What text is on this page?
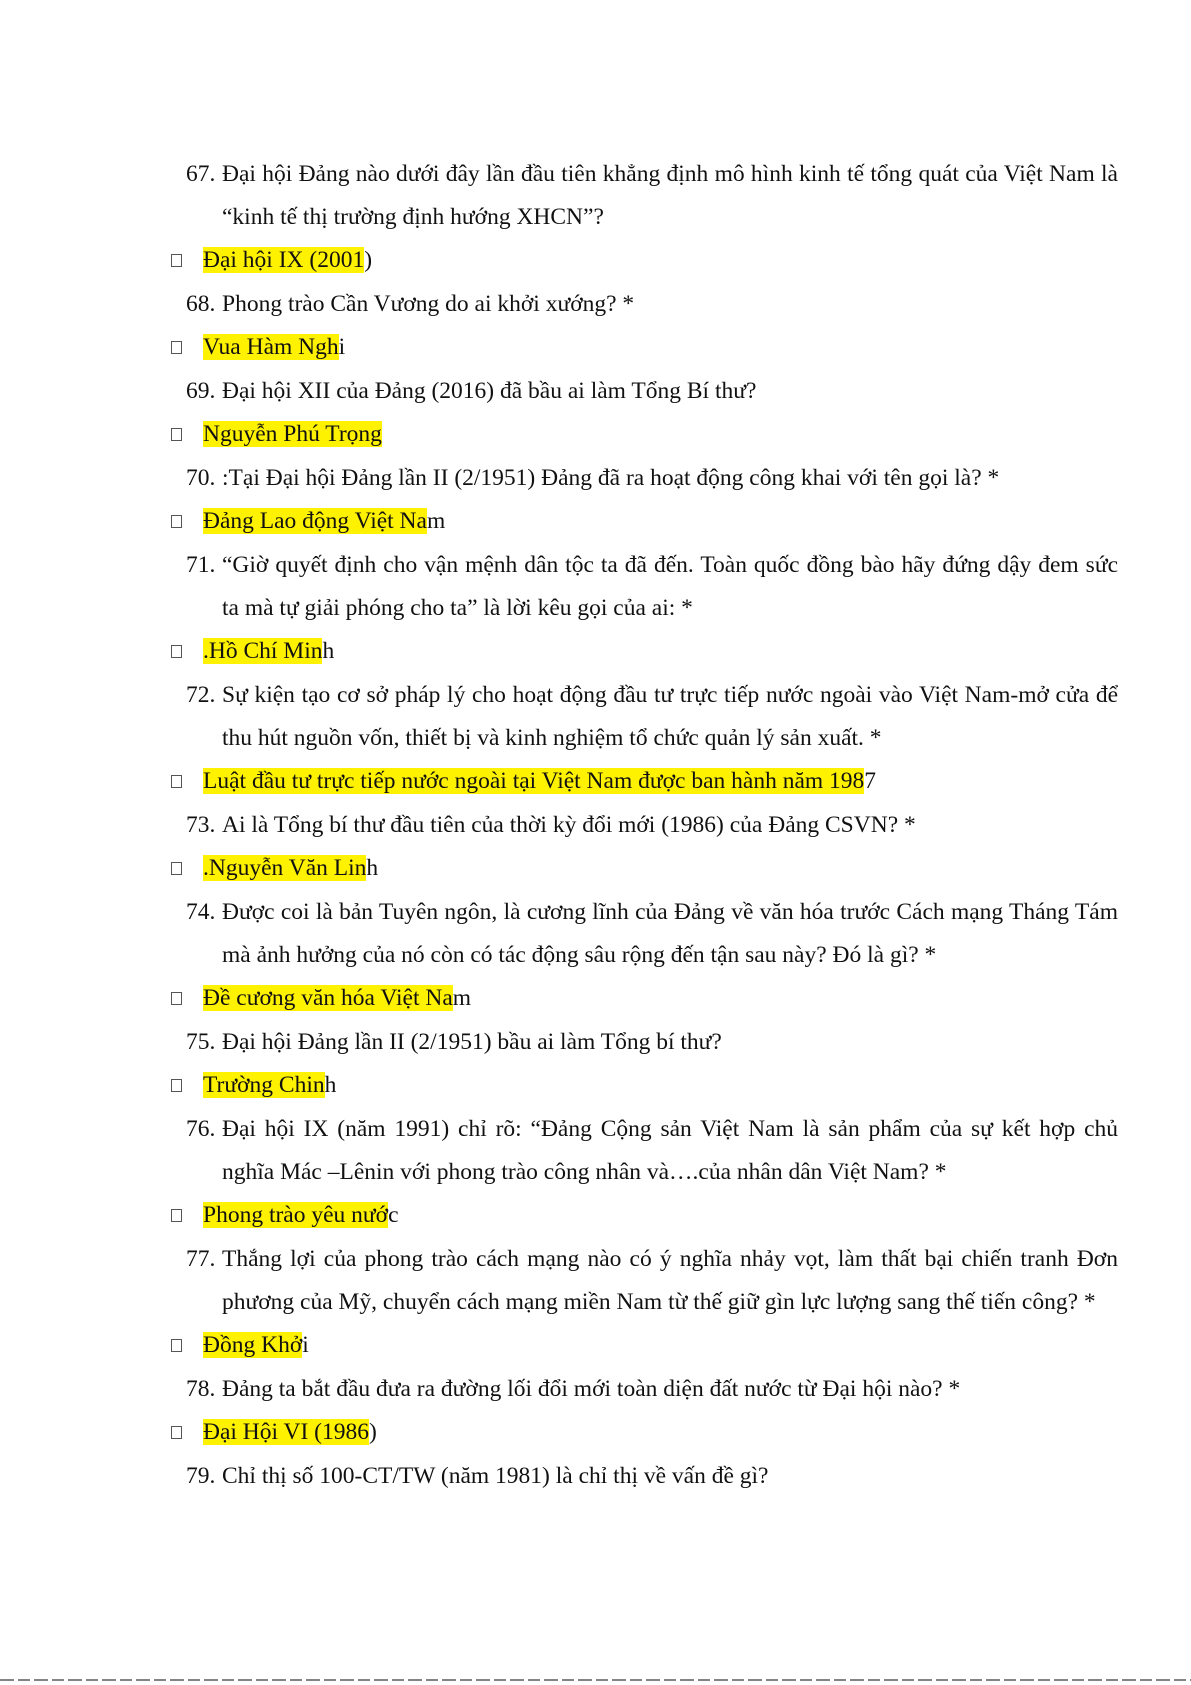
67. Đại hội Đảng nào dưới đây lần đầu tiên khẳng định mô hình kinh tế tổng quát của Việt Nam là “kinh tế thị trường định hướng XHCN”?
Đại hội IX (2001)
68. Phong trào Cần Vương do ai khởi xướng? *
Vua Hàm Nghi
69. Đại hội XII của Đảng (2016) đã bầu ai làm Tổng Bí thư?
Nguyễn Phú Trọng
70. :Tại Đại hội Đảng lần II (2/1951) Đảng đã ra hoạt động công khai với tên gọi là? *
Đảng Lao động Việt Nam
71. “Giờ quyết định cho vận mệnh dân tộc ta đã đến. Toàn quốc đồng bào hãy đứng dậy đem sức ta mà tự giải phóng cho ta” là lời kêu gọi của ai: *
.Hồ Chí Minh
72. Sự kiện tạo cơ sở pháp lý cho hoạt động đầu tư trực tiếp nước ngoài vào Việt Nam-mở cửa để thu hút nguồn vốn, thiết bị và kinh nghiệm tổ chức quản lý sản xuất. *
Luật đầu tư trực tiếp nước ngoài tại Việt Nam được ban hành năm 1987
73. Ai là Tổng bí thư đầu tiên của thời kỳ đổi mới (1986) của Đảng CSVN? *
.Nguyễn Văn Linh
74. Được coi là bản Tuyên ngôn, là cương lĩnh của Đảng về văn hóa trước Cách mạng Tháng Tám mà ảnh hưởng của nó còn có tác động sâu rộng đến tận sau này? Đó là gì? *
Đề cương văn hóa Việt Nam
75. Đại hội Đảng lần II (2/1951) bầu ai làm Tổng bí thư?
Trường Chinh
76. Đại hội IX (năm 1991) chỉ rõ: “Đảng Cộng sản Việt Nam là sản phẩm của sự kết hợp chủ nghĩa Mác –Lênin với phong trào công nhân và….của nhân dân Việt Nam? *
Phong trào yêu nước
77. Thắng lợi của phong trào cách mạng nào có ý nghĩa nhảy vọt, làm thất bại chiến tranh Đơn phương của Mỹ, chuyển cách mạng miền Nam từ thế giữ gìn lực lượng sang thế tiến công? *
Đồng Khởi
78. Đảng ta bắt đầu đưa ra đường lối đổi mới toàn diện đất nước từ Đại hội nào? *
Đại Hội VI (1986)
79. Chỉ thị số 100-CT/TW (năm 1981) là chỉ thị về vấn đề gì?
